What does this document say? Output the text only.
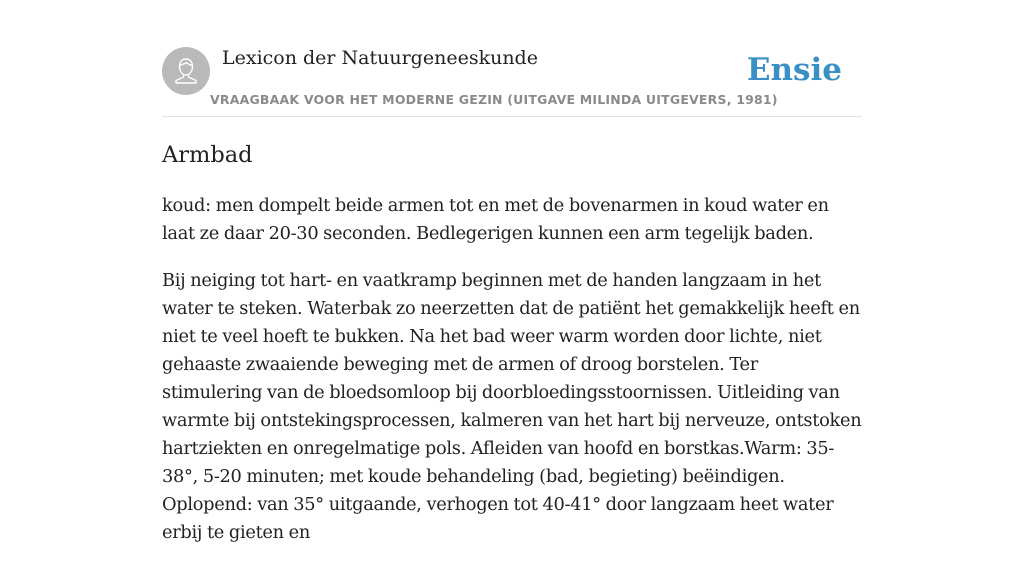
Lexicon der Natuurgeneeskunde
VRAAGBAAK VOOR HET MODERNE GEZIN (UITGAVE MILINDA UITGEVERS, 1981)
Ensie
Armbad

koud: men dompelt beide armen tot en met de bovenarmen in koud water en laat ze daar 20-30 seconden. Bedlegerigen kunnen een arm tegelijk baden.

Bij neiging tot hart- en vaatkramp beginnen met de handen langzaam in het water te steken. Waterbak zo neerzetten dat de patiënt het gemakkelijk heeft en niet te veel hoeft te bukken. Na het bad weer warm worden door lichte, niet gehaaste zwaaiende beweging met de armen of droog borstelen. Ter stimulering van de bloedsomloop bij doorbloedingsstoornissen. Uitleiding van warmte bij ontstekingsprocessen, kalmeren van het hart bij nerveuze, ontstoken hartziekten en onregelmatige pols. Afleiden van hoofd en borstkas.Warm: 35-38°, 5-20 minuten; met koude behandeling (bad, begieting) beëindigen. Oplopend: van 35° uitgaande, verhogen tot 40-41° door langzaam heet water erbij te gieten en
